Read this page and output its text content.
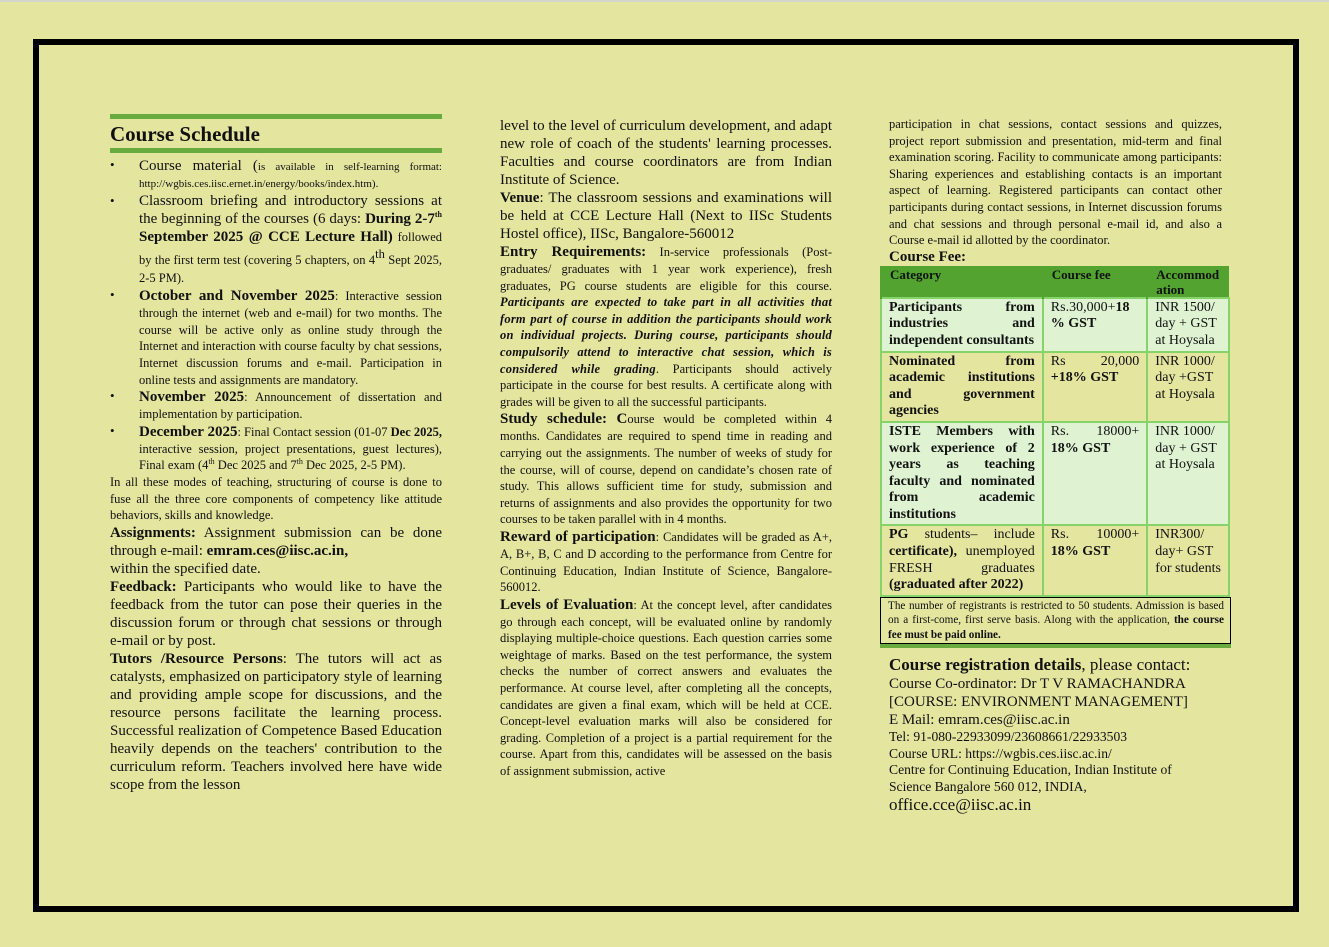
Course Schedule
• Course material (is available in self-learning format: http://wgbis.ces.iisc.ernet.in/energy/books/index.htm).
• Classroom briefing and introductory sessions at the beginning of the courses (6 days: During 2-7th September 2025 @ CCE Lecture Hall) followed by the first term test (covering 5 chapters, on 4th Sept 2025, 2-5 PM).
• October and November 2025: Interactive session through the internet (web and e-mail) for two months. The course will be active only as online study through the Internet and interaction with course faculty by chat sessions, Internet discussion forums and e-mail. Participation in online tests and assignments are mandatory.
• November 2025: Announcement of dissertation and implementation by participation.
• December 2025: Final Contact session (01-07 Dec 2025, interactive session, project presentations, guest lectures), Final exam (4th Dec 2025 and 7th Dec 2025, 2-5 PM).

In all these modes of teaching, structuring of course is done to fuse all the three core components of competency like attitude behaviors, skills and knowledge.

Assignments: Assignment submission can be done through e-mail: emram.ces@iisc.ac.in,

within the specified date.

Feedback: Participants who would like to have the feedback from the tutor can pose their queries in the discussion forum or through chat sessions or through e-mail or by post.

Tutors /Resource Persons: The tutors will act as catalysts, emphasized on participatory style of learning and providing ample scope for discussions, and the resource persons facilitate the learning process. Successful realization of Competence Based Education heavily depends on the teachers' contribution to the curriculum reform. Teachers involved here have wide scope from the lesson

level to the level of curriculum development, and adapt new role of coach of the students' learning processes. Faculties and course coordinators are from Indian Institute of Science.

Venue: The classroom sessions and examinations will be held at CCE Lecture Hall (Next to IISc Students Hostel office), IISc, Bangalore-560012

Entry Requirements: In-service professionals (Post-graduates/ graduates with 1 year work experience), fresh graduates, PG course students are eligible for this course. Participants are expected to take part in all activities that form part of course in addition the participants should work on individual projects. During course, participants should compulsorily attend to interactive chat session, which is considered while grading. Participants should actively participate in the course for best results. A certificate along with grades will be given to all the successful participants.

Study schedule: Course would be completed within 4 months. Candidates are required to spend time in reading and carrying out the assignments. The number of weeks of study for the course, will of course, depend on candidate’s chosen rate of study. This allows sufficient time for study, submission and returns of assignments and also provides the opportunity for two courses to be taken parallel with in 4 months.

Reward of participation: Candidates will be graded as A+, A, B+, B, C and D according to the performance from Centre for Continuing Education, Indian Institute of Science, Bangalore-560012.

Levels of Evaluation: At the concept level, after candidates go through each concept, will be evaluated online by randomly displaying multiple-choice questions. Each question carries some weightage of marks. Based on the test performance, the system checks the number of correct answers and evaluates the performance. At course level, after completing all the concepts, candidates are given a final exam, which will be held at CCE. Concept-level evaluation marks will also be considered for grading. Completion of a project is a partial requirement for the course. Apart from this, candidates will be assessed on the basis of assignment submission, active

participation in chat sessions, contact sessions and quizzes, project report submission and presentation, mid-term and final examination scoring. Facility to communicate among participants: Sharing experiences and establishing contacts is an important aspect of learning. Registered participants can contact other participants during contact sessions, in Internet discussion forums and chat sessions and through personal e-mail id, and also a Course e-mail id allotted by the coordinator.

Course Fee:

Category	Course fee	Accommod ation
Participants from industries and independent consultants	Rs.30,000+18 % GST	INR 1500/ day + GST at Hoysala
Nominated from academic institutions and government agencies	Rs 20,000 +18% GST	INR 1000/ day +GST at Hoysala
ISTE Members with work experience of 2 years as teaching faculty and nominated from academic institutions	Rs. 18000+ 18% GST	INR 1000/ day + GST at Hoysala
PG students– include certificate), unemployed FRESH graduates (graduated after 2022)	Rs. 10000+ 18% GST	INR300/ day+ GST for students
The number of registrants is restricted to 50 students. Admission is based on a first-come, first serve basis. Along with the application, the course fee must be paid online.
Course registration details, please contact:
Course Co-ordinator: Dr T V RAMACHANDRA
[COURSE: ENVIRONMENT MANAGEMENT]
E Mail: emram.ces@iisc.ac.in
Tel: 91-080-22933099/23608661/22933503
Course URL: https://wgbis.ces.iisc.ac.in/
Centre for Continuing Education, Indian Institute of
Science Bangalore 560 012, INDIA,
office.cce@iisc.ac.in
